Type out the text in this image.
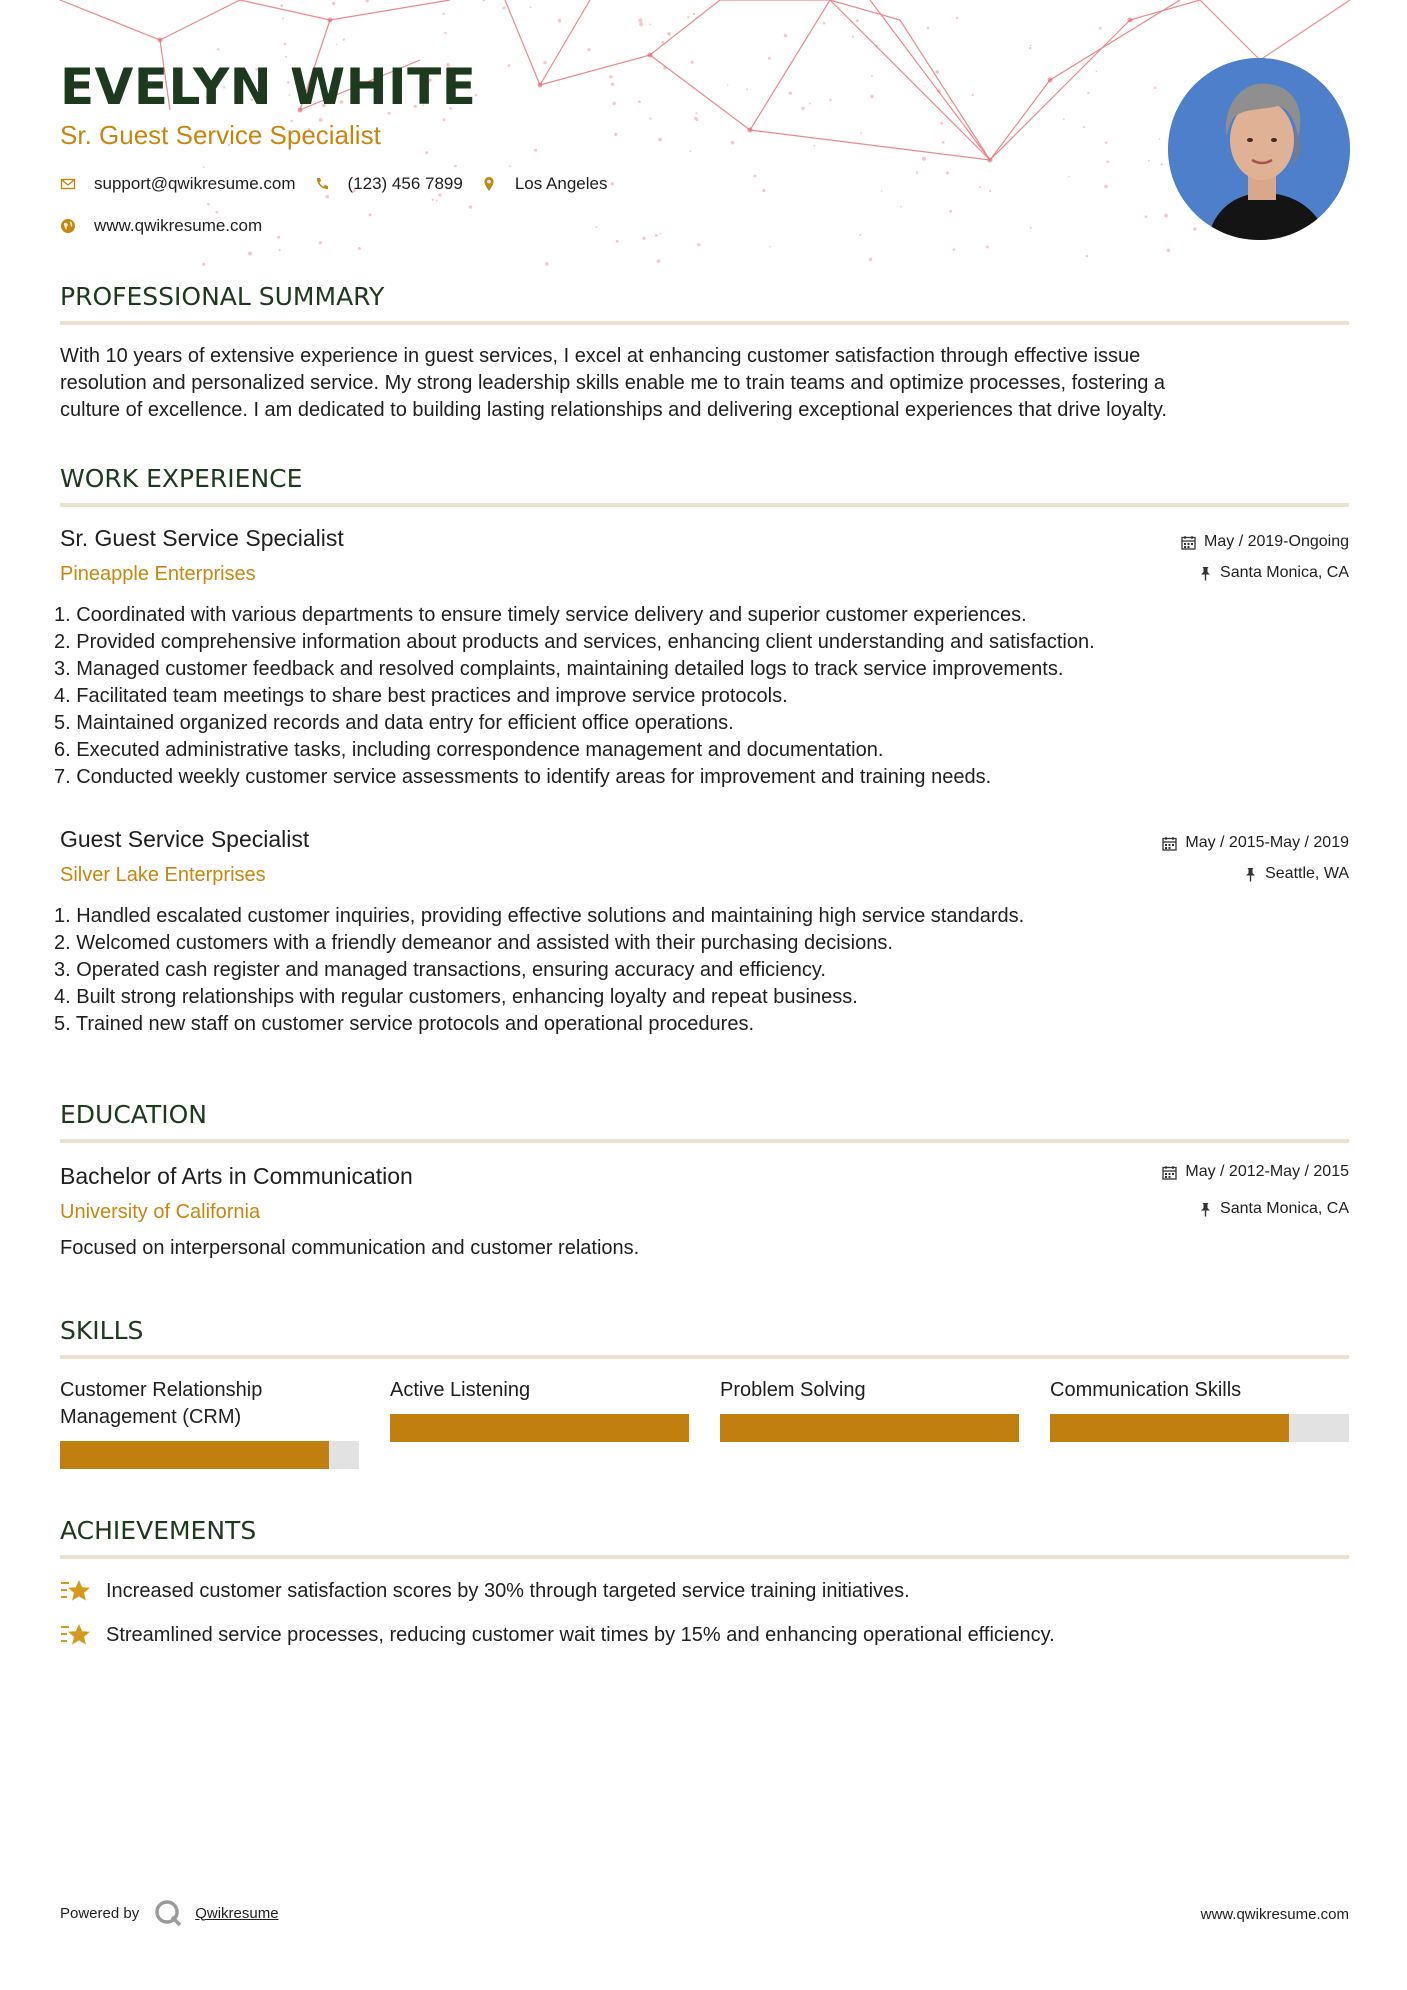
EVELYN WHITE
Sr. Guest Service Specialist
support@qwikresume.com	(123) 456 7899	Los Angeles
www.qwikresume.com
PROFESSIONAL SUMMARY
With 10 years of extensive experience in guest services, I excel at enhancing customer satisfaction through effective issue
resolution and personalized service. My strong leadership skills enable me to train teams and optimize processes, fostering a
culture of excellence. I am dedicated to building lasting relationships and delivering exceptional experiences that drive loyalty.
WORK EXPERIENCE
Sr. Guest Service Specialist
Pineapple Enterprises
May / 2019-Ongoing
Santa Monica, CA
1. Coordinated with various departments to ensure timely service delivery and superior customer experiences.
2. Provided comprehensive information about products and services, enhancing client understanding and satisfaction.
3. Managed customer feedback and resolved complaints, maintaining detailed logs to track service improvements.
4. Facilitated team meetings to share best practices and improve service protocols.
5. Maintained organized records and data entry for efficient office operations.
6. Executed administrative tasks, including correspondence management and documentation.
7. Conducted weekly customer service assessments to identify areas for improvement and training needs.
Guest Service Specialist
Silver Lake Enterprises
May / 2015-May / 2019
Seattle, WA
1. Handled escalated customer inquiries, providing effective solutions and maintaining high service standards.
2. Welcomed customers with a friendly demeanor and assisted with their purchasing decisions.
3. Operated cash register and managed transactions, ensuring accuracy and efficiency.
4. Built strong relationships with regular customers, enhancing loyalty and repeat business.
5. Trained new staff on customer service protocols and operational procedures.
EDUCATION
Bachelor of Arts in Communication
University of California
May / 2012-May / 2015
Santa Monica, CA
Focused on interpersonal communication and customer relations.
SKILLS
Customer Relationship
Management (CRM)
Active Listening	Problem Solving	Communication Skills
ACHIEVEMENTS
Increased customer satisfaction scores by 30% through targeted service training initiatives.
Streamlined service processes, reducing customer wait times by 15% and enhancing operational efficiency.
Powered by	Qwikresume	www.qwikresume.com
